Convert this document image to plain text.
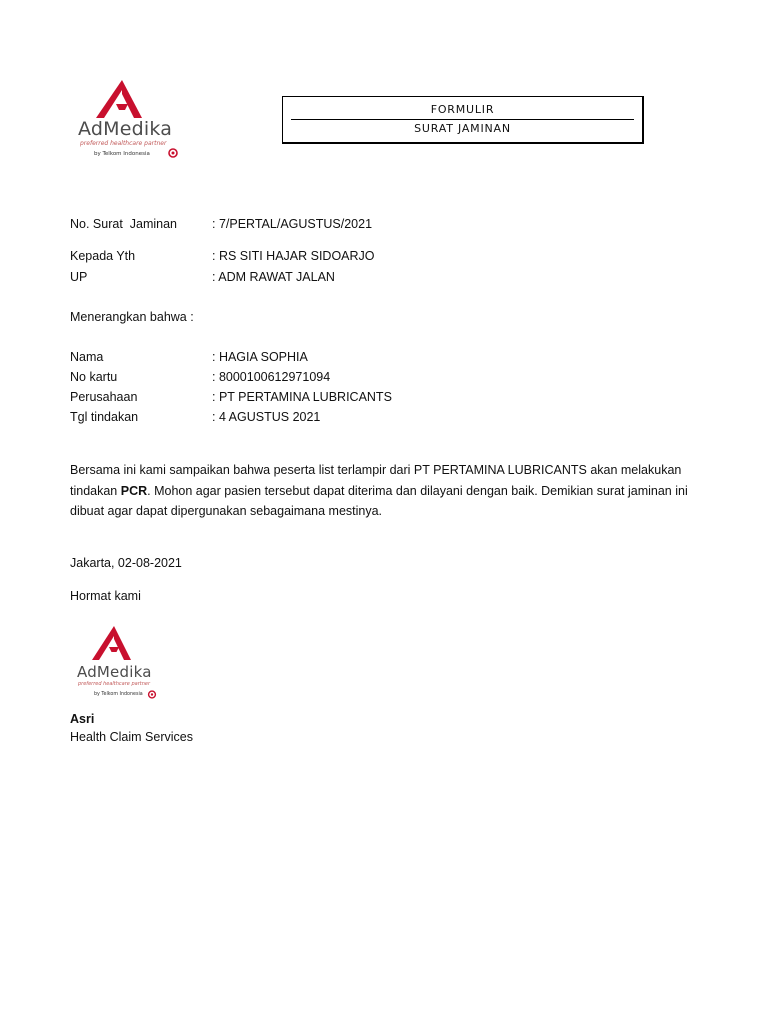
AdMedika
preferred healthcare partner
by Telkom Indonesia
FORMULIR
SURAT JAMINAN
No. Surat  Jaminan	: 7/PERTAL/AGUSTUS/2021
Kepada Yth	: RS SITI HAJAR SIDOARJO
UP	: ADM RAWAT JALAN
Menerangkan bahwa :
Nama	: HAGIA SOPHIA
No kartu	: 8000100612971094
Perusahaan	: PT PERTAMINA LUBRICANTS
Tgl tindakan	: 4 AGUSTUS 2021
Bersama ini kami sampaikan bahwa peserta list terlampir dari PT PERTAMINA LUBRICANTS akan melakukan tindakan PCR. Mohon agar pasien tersebut dapat diterima dan dilayani dengan baik. Demikian surat jaminan ini dibuat agar dapat dipergunakan sebagaimana mestinya.
Jakarta, 02-08-2021
Hormat kami
AdMedika
preferred healthcare partner
by Telkom Indonesia
Asri
Health Claim Services
